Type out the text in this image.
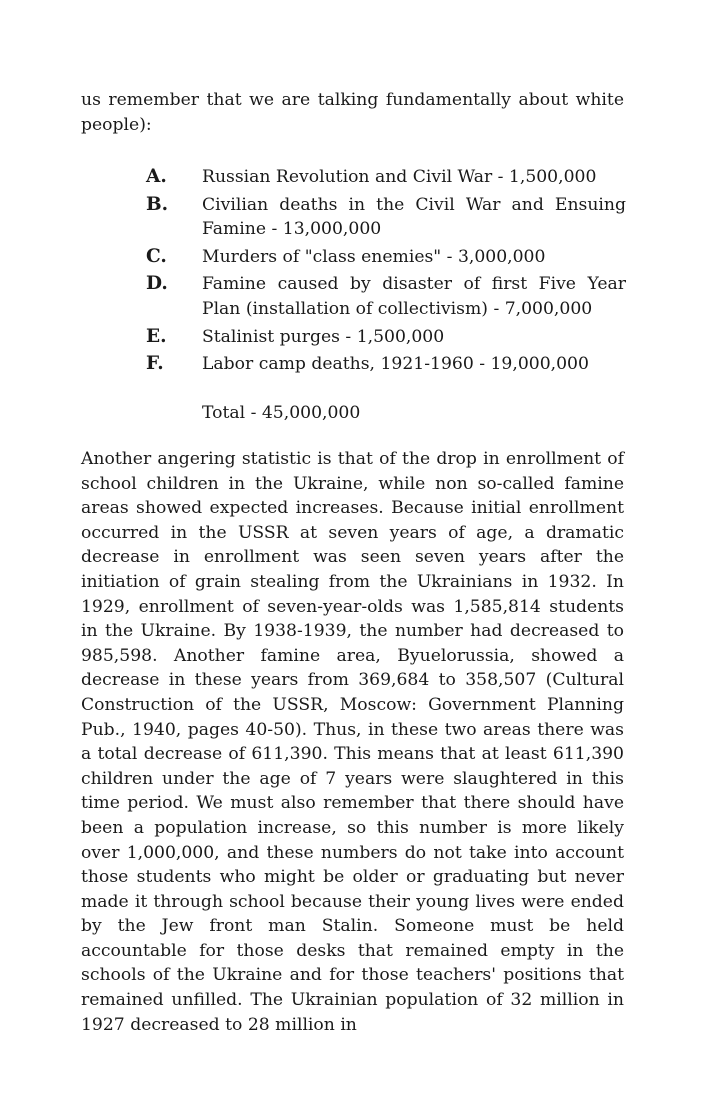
us remember that we are talking fundamentally about white people):

A.	Russian Revolution and Civil War - 1,500,000
B.	Civilian deaths in the Civil War and Ensuing Famine - 13,000,000
C.	Murders of "class enemies" - 3,000,000
D.	Famine caused by disaster of first Five Year Plan (installation of collectivism) - 7,000,000
E.	Stalinist purges - 1,500,000
F.	Labor camp deaths, 1921-1960 - 19,000,000

Total - 45,000,000

Another angering statistic is that of the drop in enrollment of school children in the Ukraine, while non so-called famine areas showed expected increases. Because initial enrollment occurred in the USSR at seven years of age, a dramatic decrease in enrollment was seen seven years after the initiation of grain stealing from the Ukrainians in 1932. In 1929, enrollment of seven-year-olds was 1,585,814 students in the Ukraine. By 1938-1939, the number had decreased to 985,598. Another famine area, Byuelorussia, showed a decrease in these years from 369,684 to 358,507 (Cultural Construction of the USSR, Moscow: Government Planning Pub., 1940, pages 40-50). Thus, in these two areas there was a total decrease of 611,390. This means that at least 611,390 children under the age of 7 years were slaughtered in this time period. We must also remember that there should have been a population increase, so this number is more likely over 1,000,000, and these numbers do not take into account those students who might be older or graduating but never made it through school because their young lives were ended by the Jew front man Stalin. Someone must be held accountable for those desks that remained empty in the schools of the Ukraine and for those teachers' positions that remained unfilled. The Ukrainian population of 32 million in 1927 decreased to 28 million in
